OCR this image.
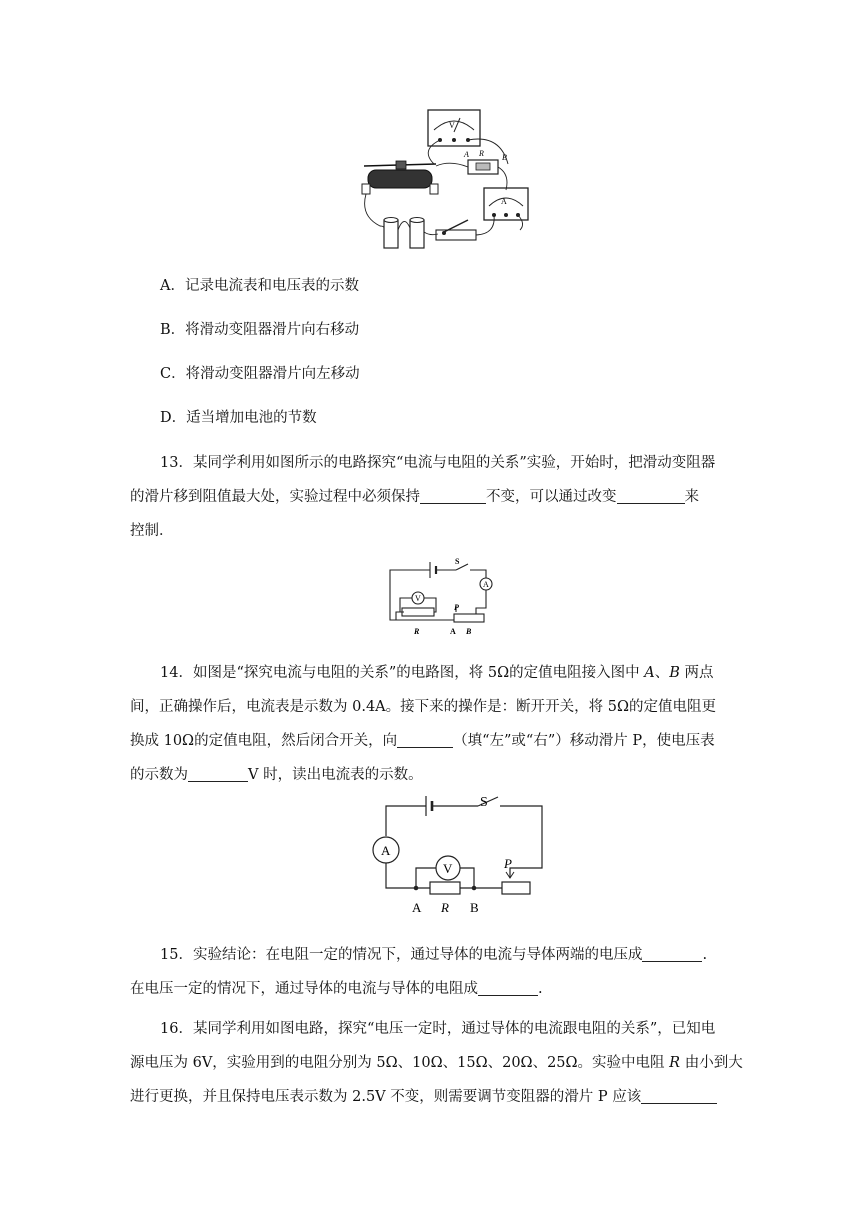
V
A R B
A
A．记录电流表和电压表的示数
B．将滑动变阻器滑片向右移动
C．将滑动变阻器滑片向左移动
D．适当增加电池的节数
13．某同学利用如图所示的电路探究“电流与电阻的关系”实验，开始时，把滑动变阻器
的滑片移到阻值最大处，实验过程中必须保持	不变，可以通过改变	来
控制．
S
A
V
R
P
A B
14．如图是“探究电流与电阻的关系”的电路图，将 5Ω的定值电阻接入图中 A、B 两点
间，正确操作后，电流表是示数为 0.4A。接下来的操作是：断开开关，将 5Ω的定值电阻更
换成 10Ω的定值电阻，然后闭合开关，向	（填“左”或“右”）移动滑片 P，使电压表
的示数为	V 时，读出电流表的示数。
S
A
V	P
A R B
15．实验结论：在电阻一定的情况下，通过导体的电流与导体两端的电压成	.
在电压一定的情况下，通过导体的电流与导体的电阻成	.
16．某同学利用如图电路，探究“电压一定时，通过导体的电流跟电阻的关系”，已知电
源电压为 6V，实验用到的电阻分别为 5Ω、10Ω、15Ω、20Ω、25Ω。实验中电阻 R 由小到大
进行更换，并且保持电压表示数为 2.5V 不变，则需要调节变阻器的滑片 P 应该
